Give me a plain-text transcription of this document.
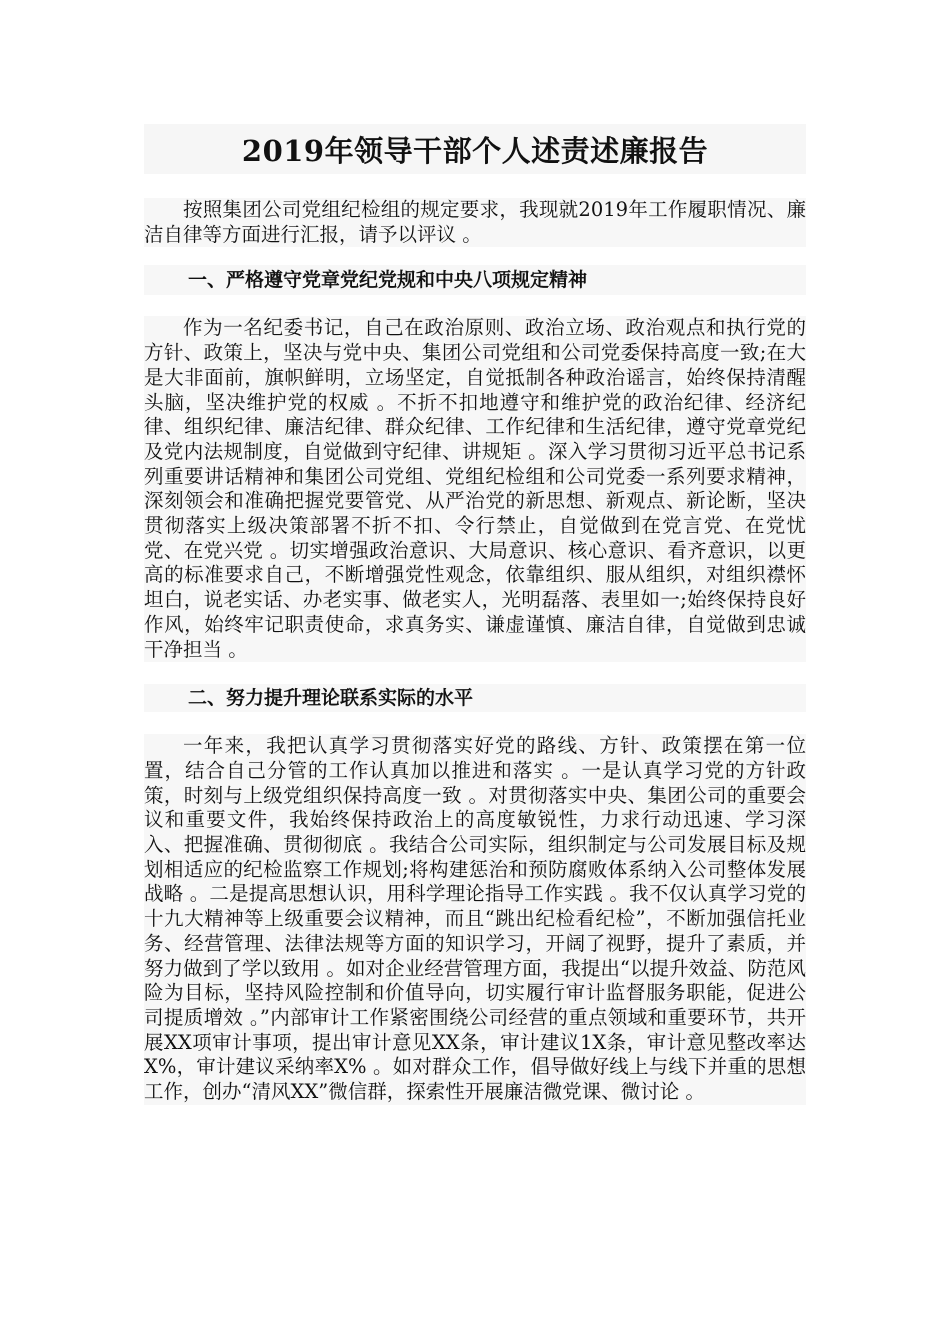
2019年领导干部个人述责述廉报告

按照集团公司党组纪检组的规定要求，我现就2019年工作履职情况、廉洁自律等方面进行汇报，请予以评议 。

一、严格遵守党章党纪党规和中央八项规定精神

作为一名纪委书记，自己在政治原则、政治立场、政治观点和执行党的方针、政策上，坚决与党中央、集团公司党组和公司党委保持高度一致;在大是大非面前，旗帜鲜明，立场坚定，自觉抵制各种政治谣言，始终保持清醒头脑，坚决维护党的权威 。不折不扣地遵守和维护党的政治纪律、经济纪律、组织纪律、廉洁纪律、群众纪律、工作纪律和生活纪律，遵守党章党纪及党内法规制度，自觉做到守纪律、讲规矩 。深入学习贯彻习近平总书记系列重要讲话精神和集团公司党组、党组纪检组和公司党委一系列要求精神，深刻领会和准确把握党要管党、从严治党的新思想、新观点、新论断，坚决贯彻落实上级决策部署不折不扣、令行禁止，自觉做到在党言党、在党忧党、在党兴党 。切实增强政治意识、大局意识、核心意识、看齐意识，以更高的标准要求自己，不断增强党性观念，依靠组织、服从组织，对组织襟怀坦白，说老实话、办老实事、做老实人，光明磊落、表里如一;始终保持良好作风，始终牢记职责使命，求真务实、谦虚谨慎、廉洁自律，自觉做到忠诚干净担当 。

二、努力提升理论联系实际的水平

一年来，我把认真学习贯彻落实好党的路线、方针、政策摆在第一位置，结合自己分管的工作认真加以推进和落实 。一是认真学习党的方针政策，时刻与上级党组织保持高度一致 。对贯彻落实中央、集团公司的重要会议和重要文件，我始终保持政治上的高度敏锐性，力求行动迅速、学习深入、把握准确、贯彻彻底 。我结合公司实际，组织制定与公司发展目标及规划相适应的纪检监察工作规划;将构建惩治和预防腐败体系纳入公司整体发展战略 。二是提高思想认识，用科学理论指导工作实践 。我不仅认真学习党的十九大精神等上级重要会议精神，而且“跳出纪检看纪检”，不断加强信托业务、经营管理、法律法规等方面的知识学习，开阔了视野，提升了素质，并努力做到了学以致用 。如对企业经营管理方面，我提出“以提升效益、防范风险为目标，坚持风险控制和价值导向，切实履行审计监督服务职能，促进公司提质增效 。”内部审计工作紧密围绕公司经营的重点领域和重要环节，共开展XX项审计事项，提出审计意见XX条，审计建议1X条，审计意见整改率达X%，审计建议采纳率X% 。如对群众工作，倡导做好线上与线下并重的思想工作，创办“清风XX”微信群，探索性开展廉洁微党课、微讨论 。
